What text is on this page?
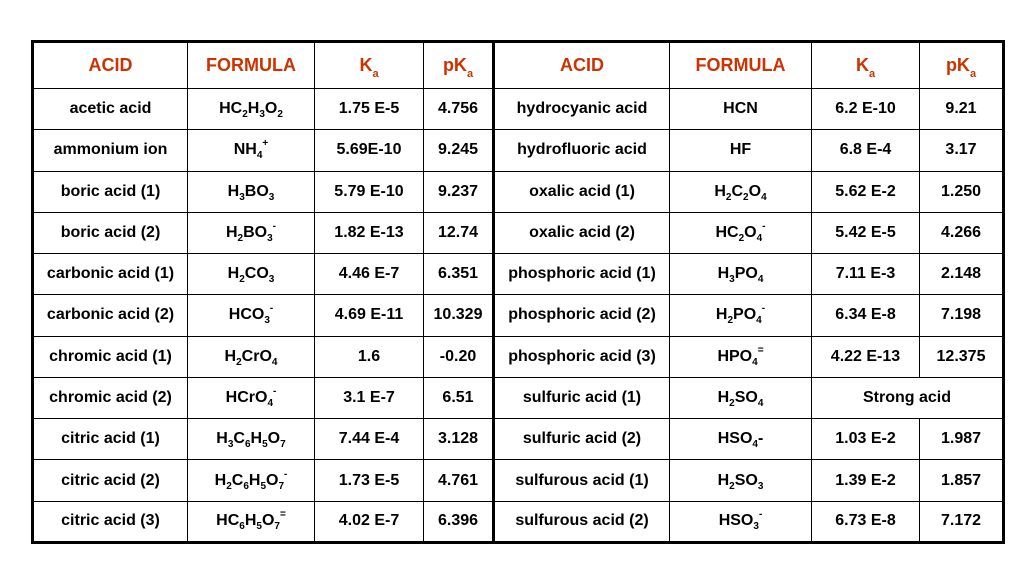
ACID	FORMULA	$K_a$	$pK_a$	ACID	FORMULA	$K_a$	$pK_a$
acetic acid	$HC_2H_3O_2$	1.75 E-5	4.756	hydrocyanic acid	HCN	6.2 E-10	9.21
ammonium ion	$NH_4^+$	5.69E-10	9.245	hydrofluoric acid	HF	6.8 E-4	3.17
boric acid (1)	$H_3BO_3$	5.79 E-10	9.237	oxalic acid (1)	$H_2C_2O_4$	5.62 E-2	1.250
boric acid (2)	$H_2BO_3^-$	1.82 E-13	12.74	oxalic acid (2)	$HC_2O_4^-$	5.42 E-5	4.266
carbonic acid (1)	$H_2CO_3$	4.46 E-7	6.351	phosphoric acid (1)	$H_3PO_4$	7.11 E-3	2.148
carbonic acid (2)	$HCO_3^-$	4.69 E-11	10.329	phosphoric acid (2)	$H_2PO_4^-$	6.34 E-8	7.198
chromic acid (1)	$H_2CrO_4$	1.6	-0.20	phosphoric acid (3)	$HPO_4^=$	4.22 E-13	12.375
chromic acid (2)	HCrO$_4$-	3.1 E-7	6.51	sulfuric acid (1)	$H_2SO_4$	Strong acid	
citric acid (1)	$H_3C_6H_5O_7$	7.44 E-4	3.128	sulfuric acid (2)	$HSO_4-$	1.03 E-2	1.987
citric acid (2)	$H_2C_6H_5O_7^-$	1.73 E-5	4.761	sulfurous acid (1)	$H_2SO_3$	1.39 E-2	1.857
citric acid (3)	$HC_6H_5O_7^=$	4.02 E-7	6.396	sulfurous acid (2)	$HSO_3^-$	6.73 E-8	7.172
